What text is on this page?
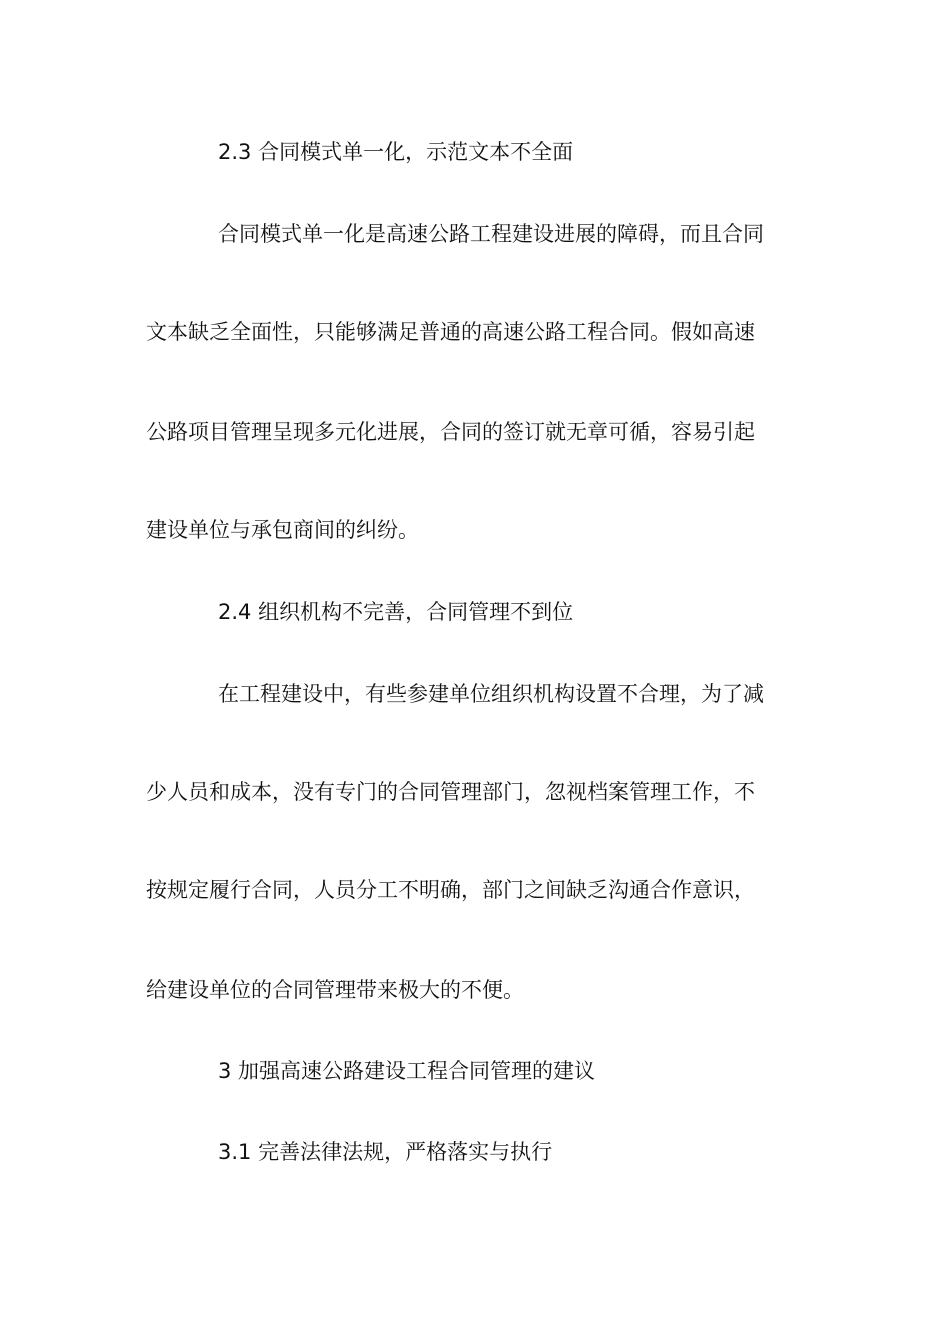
2.3 合同模式单一化，示范文本不全面

合同模式单一化是高速公路工程建设进展的障碍，而且合同

文本缺乏全面性，只能够满足普通的高速公路工程合同。假如高速

公路项目管理呈现多元化进展，合同的签订就无章可循，容易引起

建设单位与承包商间的纠纷。

2.4 组织机构不完善，合同管理不到位

在工程建设中，有些参建单位组织机构设置不合理，为了减

少人员和成本，没有专门的合同管理部门，忽视档案管理工作，不

按规定履行合同，人员分工不明确，部门之间缺乏沟通合作意识，

给建设单位的合同管理带来极大的不便。

3 加强高速公路建设工程合同管理的建议

3.1 完善法律法规，严格落实与执行
